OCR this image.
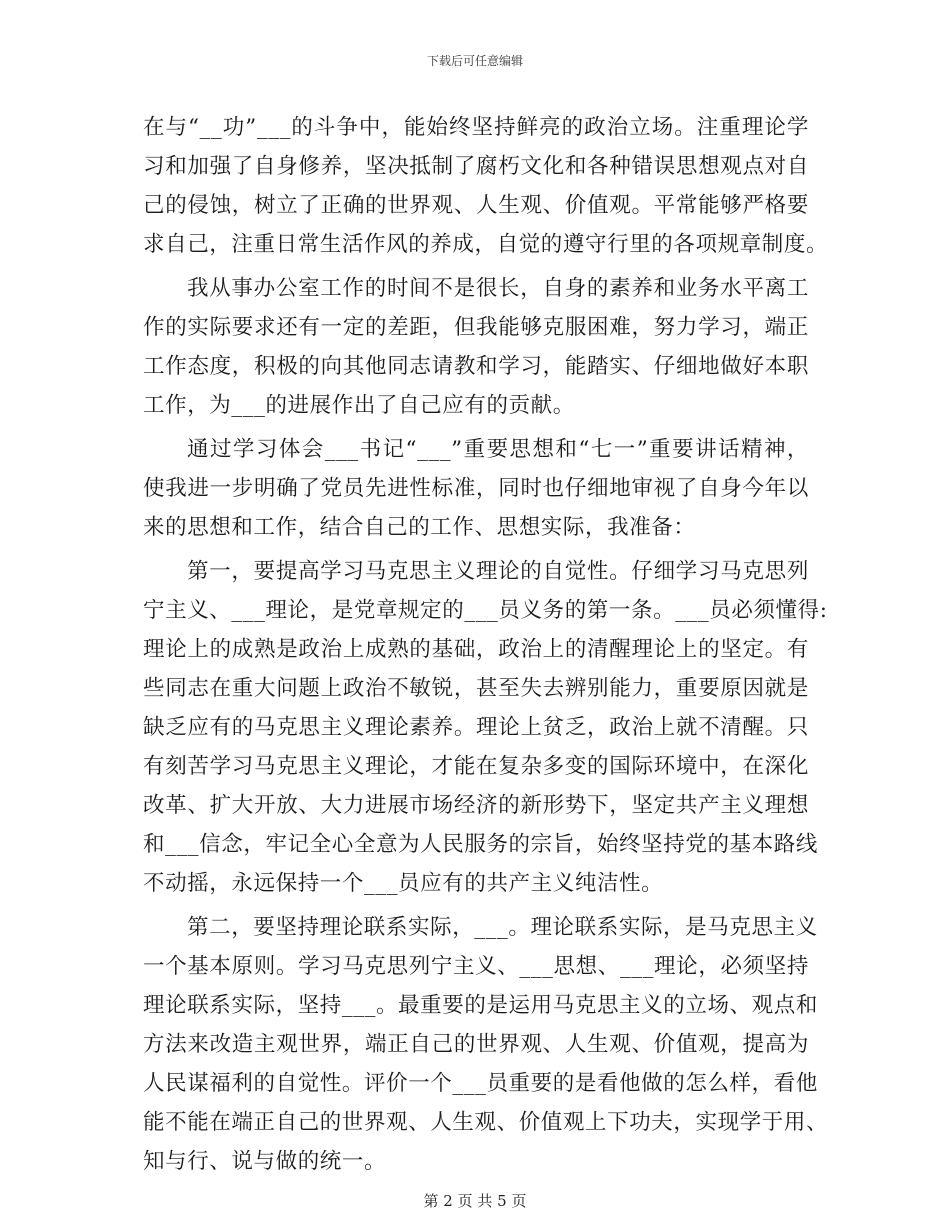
下载后可任意编辑
在与“__功”___的斗争中，能始终坚持鲜亮的政治立场。注重理论学
习和加强了自身修养，坚决抵制了腐朽文化和各种错误思想观点对自
己的侵蚀，树立了正确的世界观、人生观、价值观。平常能够严格要
求自己，注重日常生活作风的养成，自觉的遵守行里的各项规章制度。
我从事办公室工作的时间不是很长，自身的素养和业务水平离工
作的实际要求还有一定的差距，但我能够克服困难，努力学习，端正
工作态度，积极的向其他同志请教和学习，能踏实、仔细地做好本职
工作，为___的进展作出了自己应有的贡献。
通过学习体会___书记“___”重要思想和“七一”重要讲话精神，
使我进一步明确了党员先进性标准，同时也仔细地审视了自身今年以
来的思想和工作，结合自己的工作、思想实际，我准备：
第一，要提高学习马克思主义理论的自觉性。仔细学习马克思列
宁主义、___理论，是党章规定的___员义务的第一条。___员必须懂得:
理论上的成熟是政治上成熟的基础，政治上的清醒理论上的坚定。有
些同志在重大问题上政治不敏锐，甚至失去辨别能力，重要原因就是
缺乏应有的马克思主义理论素养。理论上贫乏，政治上就不清醒。只
有刻苦学习马克思主义理论，才能在复杂多变的国际环境中，在深化
改革、扩大开放、大力进展市场经济的新形势下，坚定共产主义理想
和___信念，牢记全心全意为人民服务的宗旨，始终坚持党的基本路线
不动摇，永远保持一个___员应有的共产主义纯洁性。
第二，要坚持理论联系实际，___。理论联系实际，是马克思主义
一个基本原则。学习马克思列宁主义、___思想、___理论，必须坚持
理论联系实际，坚持___。最重要的是运用马克思主义的立场、观点和
方法来改造主观世界，端正自己的世界观、人生观、价值观，提高为
人民谋福利的自觉性。评价一个___员重要的是看他做的怎么样，看他
能不能在端正自己的世界观、人生观、价值观上下功夫，实现学于用、
知与行、说与做的统一。
第 2 页 共 5 页
